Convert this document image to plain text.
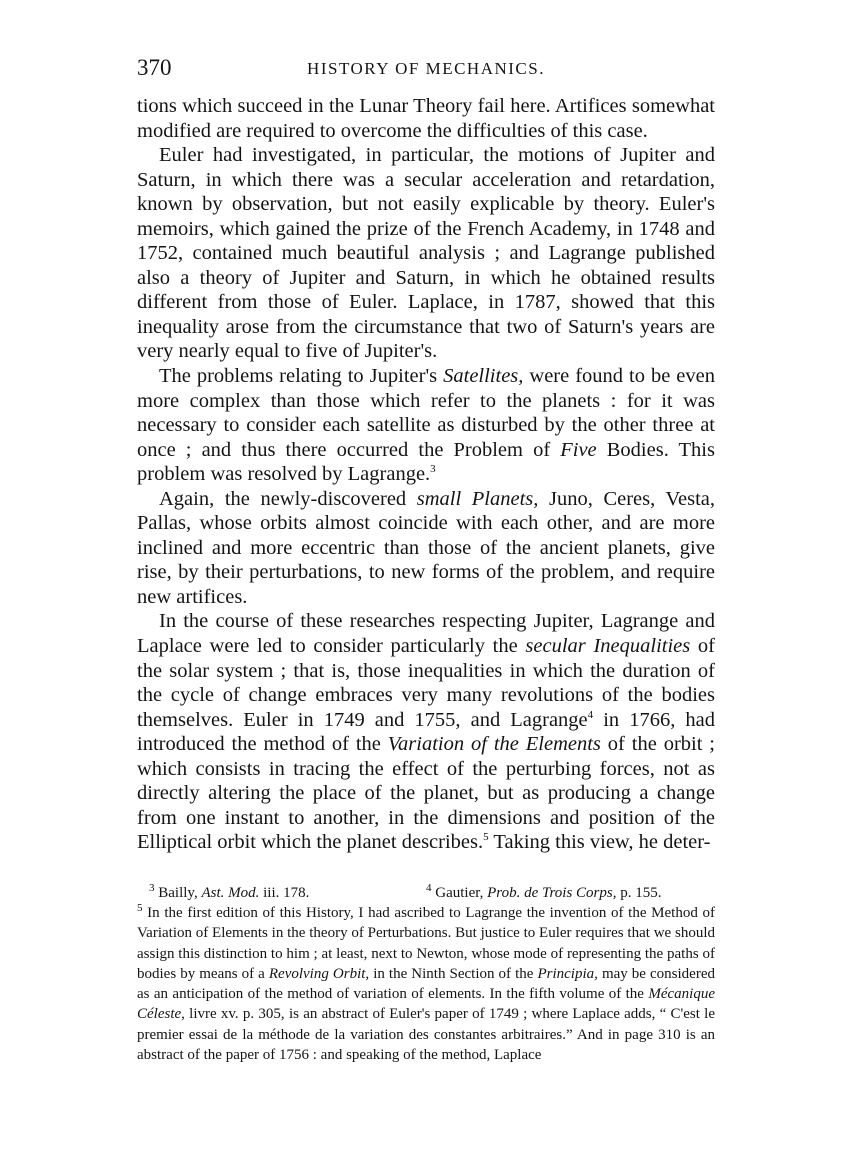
370	HISTORY OF MECHANICS.

tions which succeed in the Lunar Theory fail here. Artifices somewhat modified are required to overcome the difficulties of this case.

Euler had investigated, in particular, the motions of Jupiter and Saturn, in which there was a secular acceleration and retardation, known by observation, but not easily explicable by theory. Euler's memoirs, which gained the prize of the French Academy, in 1748 and 1752, contained much beautiful analysis ; and Lagrange published also a theory of Jupiter and Saturn, in which he obtained results different from those of Euler. Laplace, in 1787, showed that this inequality arose from the circumstance that two of Saturn's years are very nearly equal to five of Jupiter's.

The problems relating to Jupiter's Satellites, were found to be even more complex than those which refer to the planets : for it was necessary to consider each satellite as disturbed by the other three at once ; and thus there occurred the Problem of Five Bodies. This problem was resolved by Lagrange.$^3$

Again, the newly-discovered small Planets, Juno, Ceres, Vesta, Pallas, whose orbits almost coincide with each other, and are more inclined and more eccentric than those of the ancient planets, give rise, by their perturbations, to new forms of the problem, and require new artifices.

In the course of these researches respecting Jupiter, Lagrange and Laplace were led to consider particularly the secular Inequalities of the solar system ; that is, those inequalities in which the duration of the cycle of change embraces very many revolutions of the bodies themselves. Euler in 1749 and 1755, and Lagrange$^4$ in 1766, had introduced the method of the Variation of the Elements of the orbit ; which consists in tracing the effect of the perturbing forces, not as directly altering the place of the planet, but as producing a change from one instant to another, in the dimensions and position of the Elliptical orbit which the planet describes.$^5$ Taking this view, he deter-

$^3$ Bailly, Ast. Mod. iii. 178.	$^4$ Gautier, Prob. de Trois Corps, p. 155.
$^5$ In the first edition of this History, I had ascribed to Lagrange the invention of the Method of Variation of Elements in the theory of Perturbations. But justice to Euler requires that we should assign this distinction to him ; at least, next to Newton, whose mode of representing the paths of bodies by means of a Revolving Orbit, in the Ninth Section of the Principia, may be considered as an anticipation of the method of variation of elements. In the fifth volume of the Mécanique Céleste, livre xv. p. 305, is an abstract of Euler's paper of 1749 ; where Laplace adds, “ C'est le premier essai de la méthode de la variation des constantes arbitraires.” And in page 310 is an abstract of the paper of 1756 : and speaking of the method, Laplace
